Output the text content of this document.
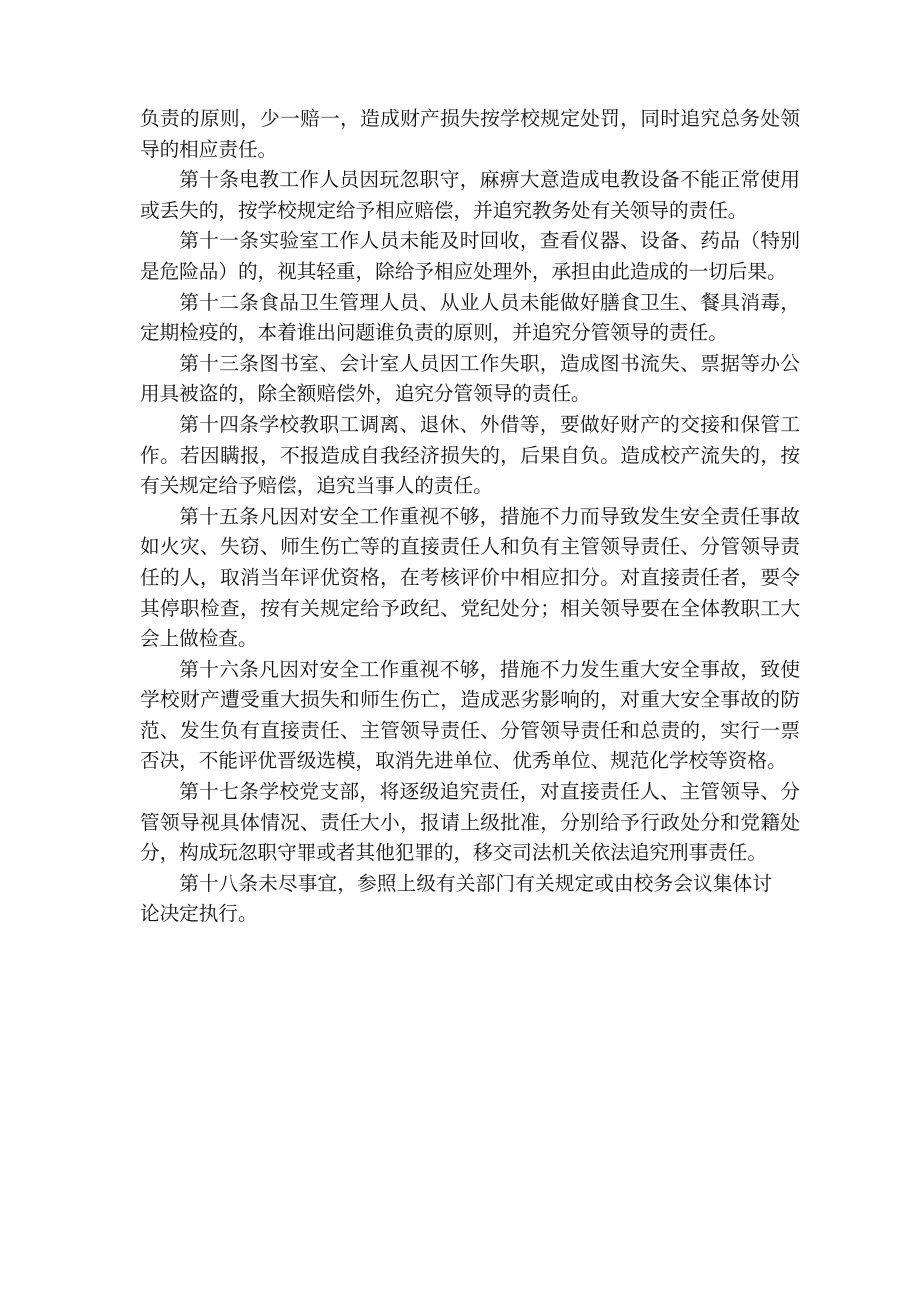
负责的原则，少一赔一，造成财产损失按学校规定处罚，同时追究总务处领导的相应责任。

第十条电教工作人员因玩忽职守，麻痹大意造成电教设备不能正常使用或丢失的，按学校规定给予相应赔偿，并追究教务处有关领导的责任。

第十一条实验室工作人员未能及时回收，查看仪器、设备、药品（特别是危险品）的，视其轻重，除给予相应处理外，承担由此造成的一切后果。

第十二条食品卫生管理人员、从业人员未能做好膳食卫生、餐具消毒，定期检疫的，本着谁出问题谁负责的原则，并追究分管领导的责任。

第十三条图书室、会计室人员因工作失职，造成图书流失、票据等办公用具被盗的，除全额赔偿外，追究分管领导的责任。

第十四条学校教职工调离、退休、外借等，要做好财产的交接和保管工作。若因瞒报，不报造成自我经济损失的，后果自负。造成校产流失的，按有关规定给予赔偿，追究当事人的责任。

第十五条凡因对安全工作重视不够，措施不力而导致发生安全责任事故如火灾、失窃、师生伤亡等的直接责任人和负有主管领导责任、分管领导责任的人，取消当年评优资格，在考核评价中相应扣分。对直接责任者，要令其停职检查，按有关规定给予政纪、党纪处分；相关领导要在全体教职工大会上做检查。

第十六条凡因对安全工作重视不够，措施不力发生重大安全事故，致使学校财产遭受重大损失和师生伤亡，造成恶劣影响的，对重大安全事故的防范、发生负有直接责任、主管领导责任、分管领导责任和总责的，实行一票否决，不能评优晋级选模，取消先进单位、优秀单位、规范化学校等资格。

第十七条学校党支部，将逐级追究责任，对直接责任人、主管领导、分管领导视具体情况、责任大小，报请上级批准，分别给予行政处分和党籍处分，构成玩忽职守罪或者其他犯罪的，移交司法机关依法追究刑事责任。

第十八条未尽事宜，参照上级有关部门有关规定或由校务会议集体讨论决定执行。
